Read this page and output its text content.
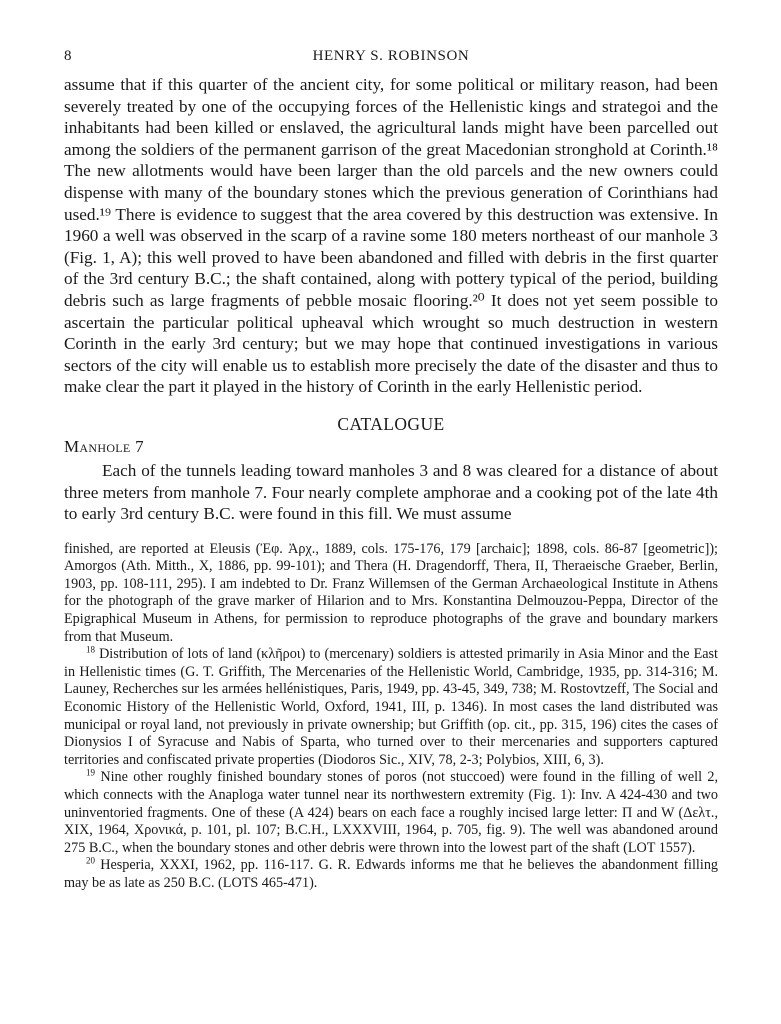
8	HENRY S. ROBINSON

assume that if this quarter of the ancient city, for some political or military reason, had been severely treated by one of the occupying forces of the Hellenistic kings and strategoi and the inhabitants had been killed or enslaved, the agricultural lands might have been parcelled out among the soldiers of the permanent garrison of the great Macedonian stronghold at Corinth.¹⁸ The new allotments would have been larger than the old parcels and the new owners could dispense with many of the boundary stones which the previous generation of Corinthians had used.¹⁹ There is evidence to suggest that the area covered by this destruction was extensive. In 1960 a well was observed in the scarp of a ravine some 180 meters northeast of our manhole 3 (Fig. 1, A); this well proved to have been abandoned and filled with debris in the first quarter of the 3rd century B.C.; the shaft contained, along with pottery typical of the period, building debris such as large fragments of pebble mosaic flooring.²⁰ It does not yet seem possible to ascertain the particular political upheaval which wrought so much destruction in western Corinth in the early 3rd century; but we may hope that continued investigations in various sectors of the city will enable us to establish more precisely the date of the disaster and thus to make clear the part it played in the history of Corinth in the early Hellenistic period.

CATALOGUE
Manhole 7

Each of the tunnels leading toward manholes 3 and 8 was cleared for a distance of about three meters from manhole 7. Four nearly complete amphorae and a cooking pot of the late 4th to early 3rd century B.C. were found in this fill. We must assume

finished, are reported at Eleusis (Ἐφ. Ἀρχ., 1889, cols. 175-176, 179 [archaic]; 1898, cols. 86-87 [geometric]); Amorgos (Ath. Mitth., X, 1886, pp. 99-101); and Thera (H. Dragendorff, Thera, II, Theraeische Graeber, Berlin, 1903, pp. 108-111, 295). I am indebted to Dr. Franz Willemsen of the German Archaeological Institute in Athens for the photograph of the grave marker of Hilarion and to Mrs. Konstantina Delmouzou-Peppa, Director of the Epigraphical Museum in Athens, for permission to reproduce photographs of the grave and boundary markers from that Museum.

$^{18}$ Distribution of lots of land (κλῆροι) to (mercenary) soldiers is attested primarily in Asia Minor and the East in Hellenistic times (G. T. Griffith, The Mercenaries of the Hellenistic World, Cambridge, 1935, pp. 314-316; M. Launey, Recherches sur les armées hellénistiques, Paris, 1949, pp. 43-45, 349, 738; M. Rostovtzeff, The Social and Economic History of the Hellenistic World, Oxford, 1941, III, p. 1346). In most cases the land distributed was municipal or royal land, not previously in private ownership; but Griffith (op. cit., pp. 315, 196) cites the cases of Dionysios I of Syracuse and Nabis of Sparta, who turned over to their mercenaries and supporters captured territories and confiscated private properties (Diodoros Sic., XIV, 78, 2-3; Polybios, XIII, 6, 3).

$^{19}$ Nine other roughly finished boundary stones of poros (not stuccoed) were found in the filling of well 2, which connects with the Anaploga water tunnel near its northwestern extremity (Fig. 1): Inv. A 424-430 and two uninventoried fragments. One of these (A 424) bears on each face a roughly incised large letter: Π and W (Δελτ., XIX, 1964, Χρονικά, p. 101, pl. 107; B.C.H., LXXXVIII, 1964, p. 705, fig. 9). The well was abandoned around 275 B.C., when the boundary stones and other debris were thrown into the lowest part of the shaft (LOT 1557).

$^{20}$ Hesperia, XXXI, 1962, pp. 116-117. G. R. Edwards informs me that he believes the abandonment filling may be as late as 250 B.C. (LOTS 465-471).
